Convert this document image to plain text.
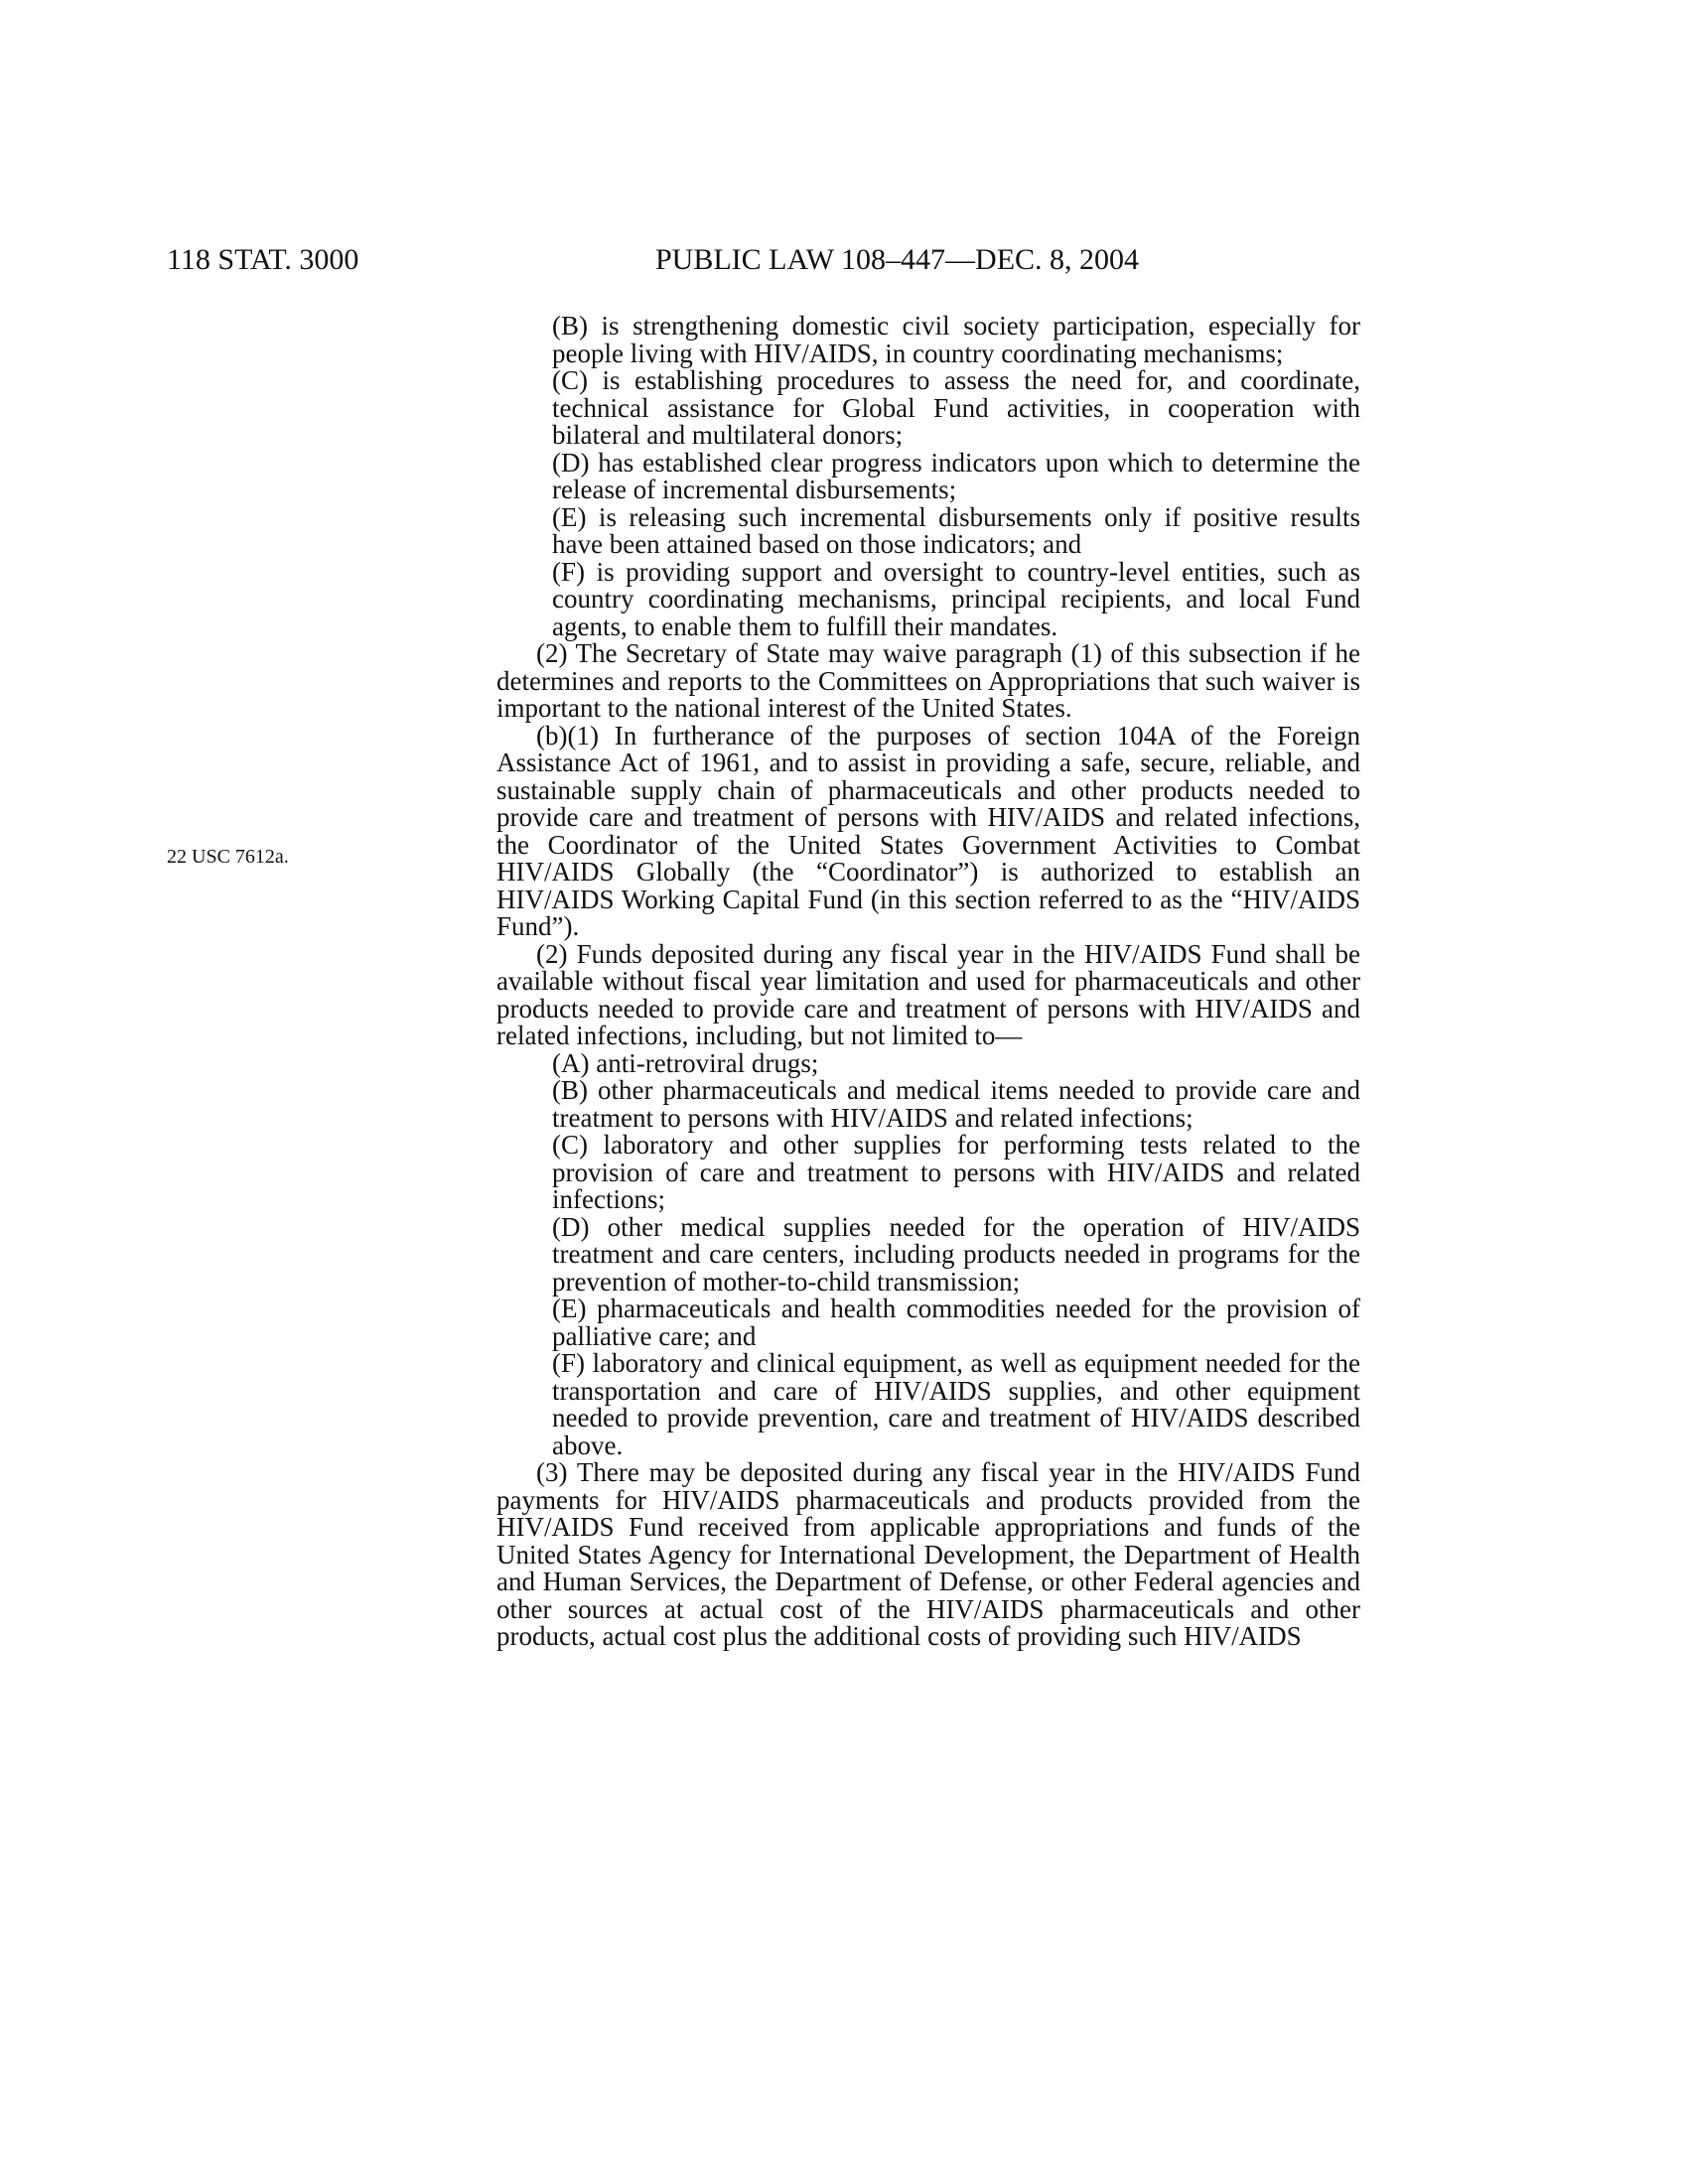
118 STAT. 3000	PUBLIC LAW 108–447—DEC. 8, 2004
22 USC 7612a.

(B) is strengthening domestic civil society participation, especially for people living with HIV/AIDS, in country coordinating mechanisms;

(C) is establishing procedures to assess the need for, and coordinate, technical assistance for Global Fund activities, in cooperation with bilateral and multilateral donors;

(D) has established clear progress indicators upon which to determine the release of incremental disbursements;

(E) is releasing such incremental disbursements only if positive results have been attained based on those indicators; and

(F) is providing support and oversight to country-level entities, such as country coordinating mechanisms, principal recipients, and local Fund agents, to enable them to fulfill their mandates.

(2) The Secretary of State may waive paragraph (1) of this subsection if he determines and reports to the Committees on Appropriations that such waiver is important to the national interest of the United States.

(b)(1) In furtherance of the purposes of section 104A of the Foreign Assistance Act of 1961, and to assist in providing a safe, secure, reliable, and sustainable supply chain of pharmaceuticals and other products needed to provide care and treatment of persons with HIV/AIDS and related infections, the Coordinator of the United States Government Activities to Combat HIV/AIDS Globally (the “Coordinator”) is authorized to establish an HIV/AIDS Working Capital Fund (in this section referred to as the “HIV/AIDS Fund”).

(2) Funds deposited during any fiscal year in the HIV/AIDS Fund shall be available without fiscal year limitation and used for pharmaceuticals and other products needed to provide care and treatment of persons with HIV/AIDS and related infections, including, but not limited to—

(A) anti-retroviral drugs;

(B) other pharmaceuticals and medical items needed to provide care and treatment to persons with HIV/AIDS and related infections;

(C) laboratory and other supplies for performing tests related to the provision of care and treatment to persons with HIV/AIDS and related infections;

(D) other medical supplies needed for the operation of HIV/AIDS treatment and care centers, including products needed in programs for the prevention of mother-to-child transmission;

(E) pharmaceuticals and health commodities needed for the provision of palliative care; and

(F) laboratory and clinical equipment, as well as equipment needed for the transportation and care of HIV/AIDS supplies, and other equipment needed to provide prevention, care and treatment of HIV/AIDS described above.

(3) There may be deposited during any fiscal year in the HIV/AIDS Fund payments for HIV/AIDS pharmaceuticals and products provided from the HIV/AIDS Fund received from applicable appropriations and funds of the United States Agency for International Development, the Department of Health and Human Services, the Department of Defense, or other Federal agencies and other sources at actual cost of the HIV/AIDS pharmaceuticals and other products, actual cost plus the additional costs of providing such HIV/AIDS
